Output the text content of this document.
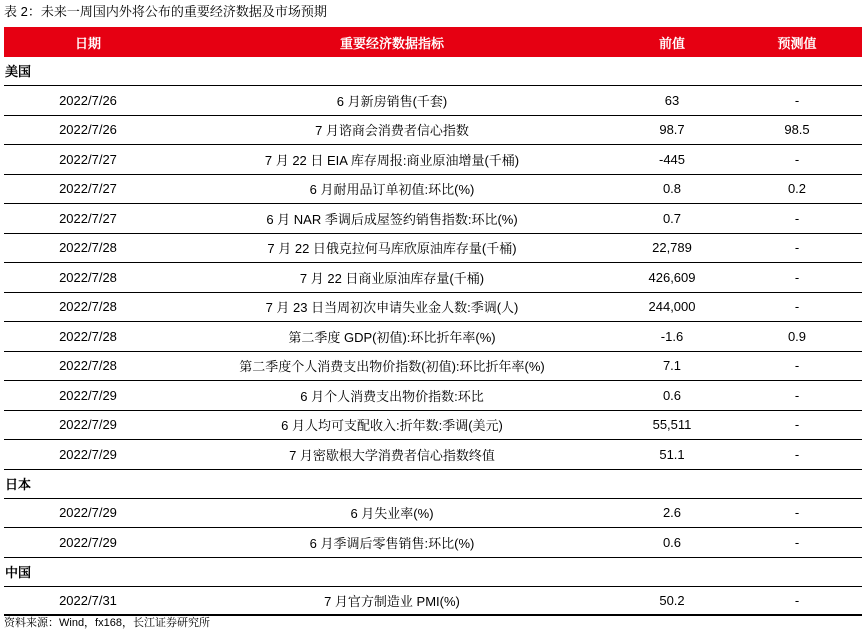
表 2：未来一周国内外将公布的重要经济数据及市场预期
日期	重要经济数据指标	前值	预测值
美国
2022/7/26	6 月新房销售(千套)	63	-
2022/7/26	7 月谘商会消费者信心指数	98.7	98.5
2022/7/27	7 月 22 日 EIA 库存周报:商业原油增量(千桶)	-445	-
2022/7/27	6 月耐用品订单初值:环比(%)	0.8	0.2
2022/7/27	6 月 NAR 季调后成屋签约销售指数:环比(%)	0.7	-
2022/7/28	7 月 22 日俄克拉何马库欣原油库存量(千桶)	22,789	-
2022/7/28	7 月 22 日商业原油库存量(千桶)	426,609	-
2022/7/28	7 月 23 日当周初次申请失业金人数:季调(人)	244,000	-
2022/7/28	第二季度 GDP(初值):环比折年率(%)	-1.6	0.9
2022/7/28	第二季度个人消费支出物价指数(初值):环比折年率(%)	7.1	-
2022/7/29	6 月个人消费支出物价指数:环比	0.6	-
2022/7/29	6 月人均可支配收入:折年数:季调(美元)	55,511	-
2022/7/29	7 月密歇根大学消费者信心指数终值	51.1	-
日本
2022/7/29	6 月失业率(%)	2.6	-
2022/7/29	6 月季调后零售销售:环比(%)	0.6	-
中国
2022/7/31	7 月官方制造业 PMI(%)	50.2	-
资料来源：Wind，fx168，长江证券研究所
